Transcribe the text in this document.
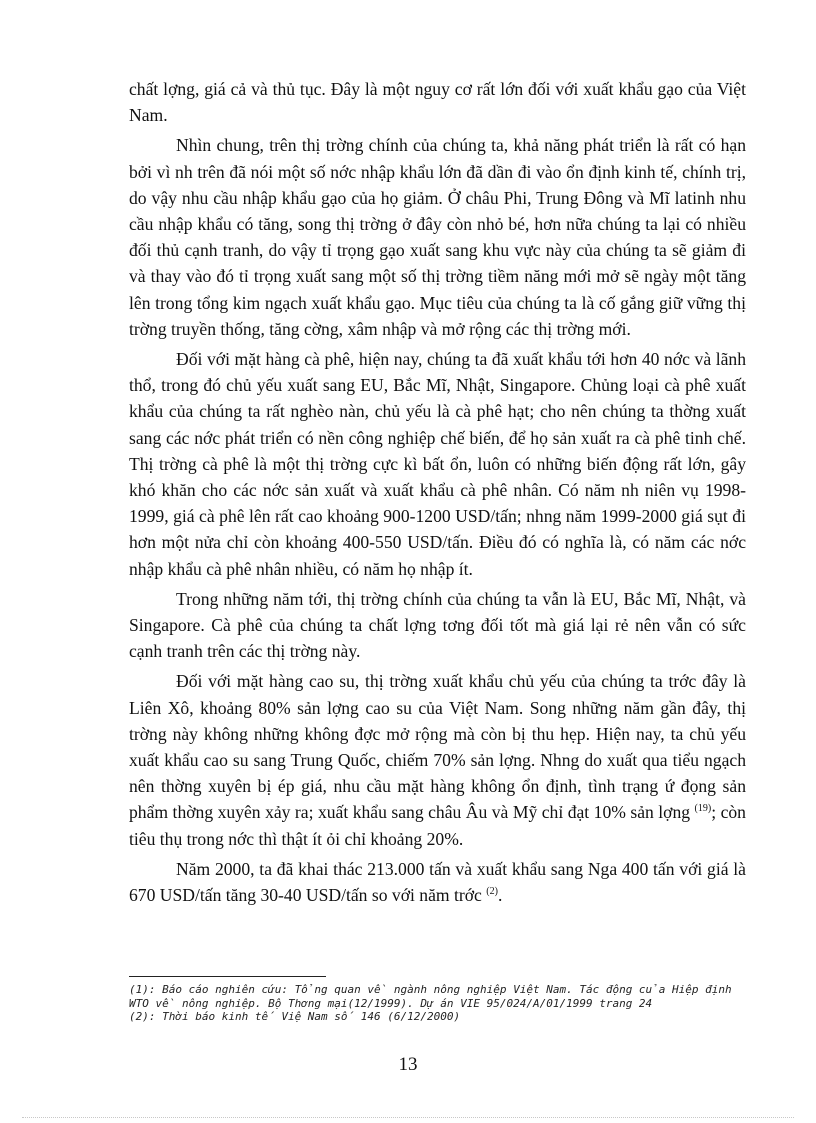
chất lợng, giá cả và thủ tục. Đây là một nguy cơ rất lớn đối với xuất khẩu gạo của Việt Nam.

Nhìn chung, trên thị trờng chính của chúng ta, khả năng phát triển là rất có hạn bởi vì nh trên đã nói một số nớc nhập khẩu lớn đã dần đi vào ổn định kinh tế, chính trị, do vậy nhu cầu nhập khẩu gạo của họ giảm. Ở châu Phi, Trung Đông và Mĩ latinh nhu cầu nhập khẩu có tăng, song thị trờng ở đây còn nhỏ bé, hơn nữa chúng ta lại có nhiều đối thủ cạnh tranh, do vậy tỉ trọng gạo xuất sang khu vực này của chúng ta sẽ giảm đi và thay vào đó tỉ trọng xuất sang một số thị trờng tiềm năng mới mở sẽ ngày một tăng lên trong tổng kim ngạch xuất khẩu gạo. Mục tiêu của chúng ta là cố gắng giữ vững thị trờng truyền thống, tăng cờng, xâm nhập và mở rộng các thị trờng mới.

Đối với mặt hàng cà phê, hiện nay, chúng ta đã xuất khẩu tới hơn 40 nớc và lãnh thổ, trong đó chủ yếu xuất sang EU, Bắc Mĩ, Nhật, Singapore. Chủng loại cà phê xuất khẩu của chúng ta rất nghèo nàn, chủ yếu là cà phê hạt; cho nên chúng ta thờng xuất sang các nớc phát triển có nền công nghiệp chế biến, để họ sản xuất ra cà phê tinh chế. Thị trờng cà phê là một thị trờng cực kì bất ổn, luôn có những biến động rất lớn, gây khó khăn cho các nớc sản xuất và xuất khẩu cà phê nhân. Có năm nh niên vụ 1998-1999, giá cà phê lên rất cao khoảng 900-1200 USD/tấn; nhng năm 1999-2000 giá sụt đi hơn một nửa chỉ còn khoảng 400-550 USD/tấn. Điều đó có nghĩa là, có năm các nớc nhập khẩu cà phê nhân nhiều, có năm họ nhập ít.

Trong những năm tới, thị trờng chính của chúng ta vẫn là EU, Bắc Mĩ, Nhật, và Singapore. Cà phê của chúng ta chất lợng tơng đối tốt mà giá lại rẻ nên vẫn có sức cạnh tranh trên các thị trờng này.

Đối với mặt hàng cao su, thị trờng xuất khẩu chủ yếu của chúng ta trớc đây là Liên Xô, khoảng 80% sản lợng cao su của Việt Nam. Song những năm gần đây, thị trờng này không những không đợc mở rộng mà còn bị thu hẹp. Hiện nay, ta chủ yếu xuất khẩu cao su sang Trung Quốc, chiếm 70% sản lợng. Nhng do xuất qua tiểu ngạch nên thờng xuyên bị ép giá, nhu cầu mặt hàng không ổn định, tình trạng ứ đọng sản phẩm thờng xuyên xảy ra; xuất khẩu sang châu Âu và Mỹ chỉ đạt 10% sản lợng $^{(19)}$; còn tiêu thụ trong nớc thì thật ít ỏi chỉ khoảng 20%.

Năm 2000, ta đã khai thác 213.000 tấn và xuất khẩu sang Nga 400 tấn với giá là 670 USD/tấn tăng 30-40 USD/tấn so với năm trớc $^{(2)}$.

(1): Báo cáo nghiên cứu: Tổng quan về ngành nông nghiệp Việt Nam. Tác động của Hiệp định WTO về nông nghiệp. Bộ Thơng mại(12/1999). Dự án VIE 95/024/A/01/1999 trang 24
(2): Thời báo kinh tế Việ Nam số 146 (6/12/2000)
13
